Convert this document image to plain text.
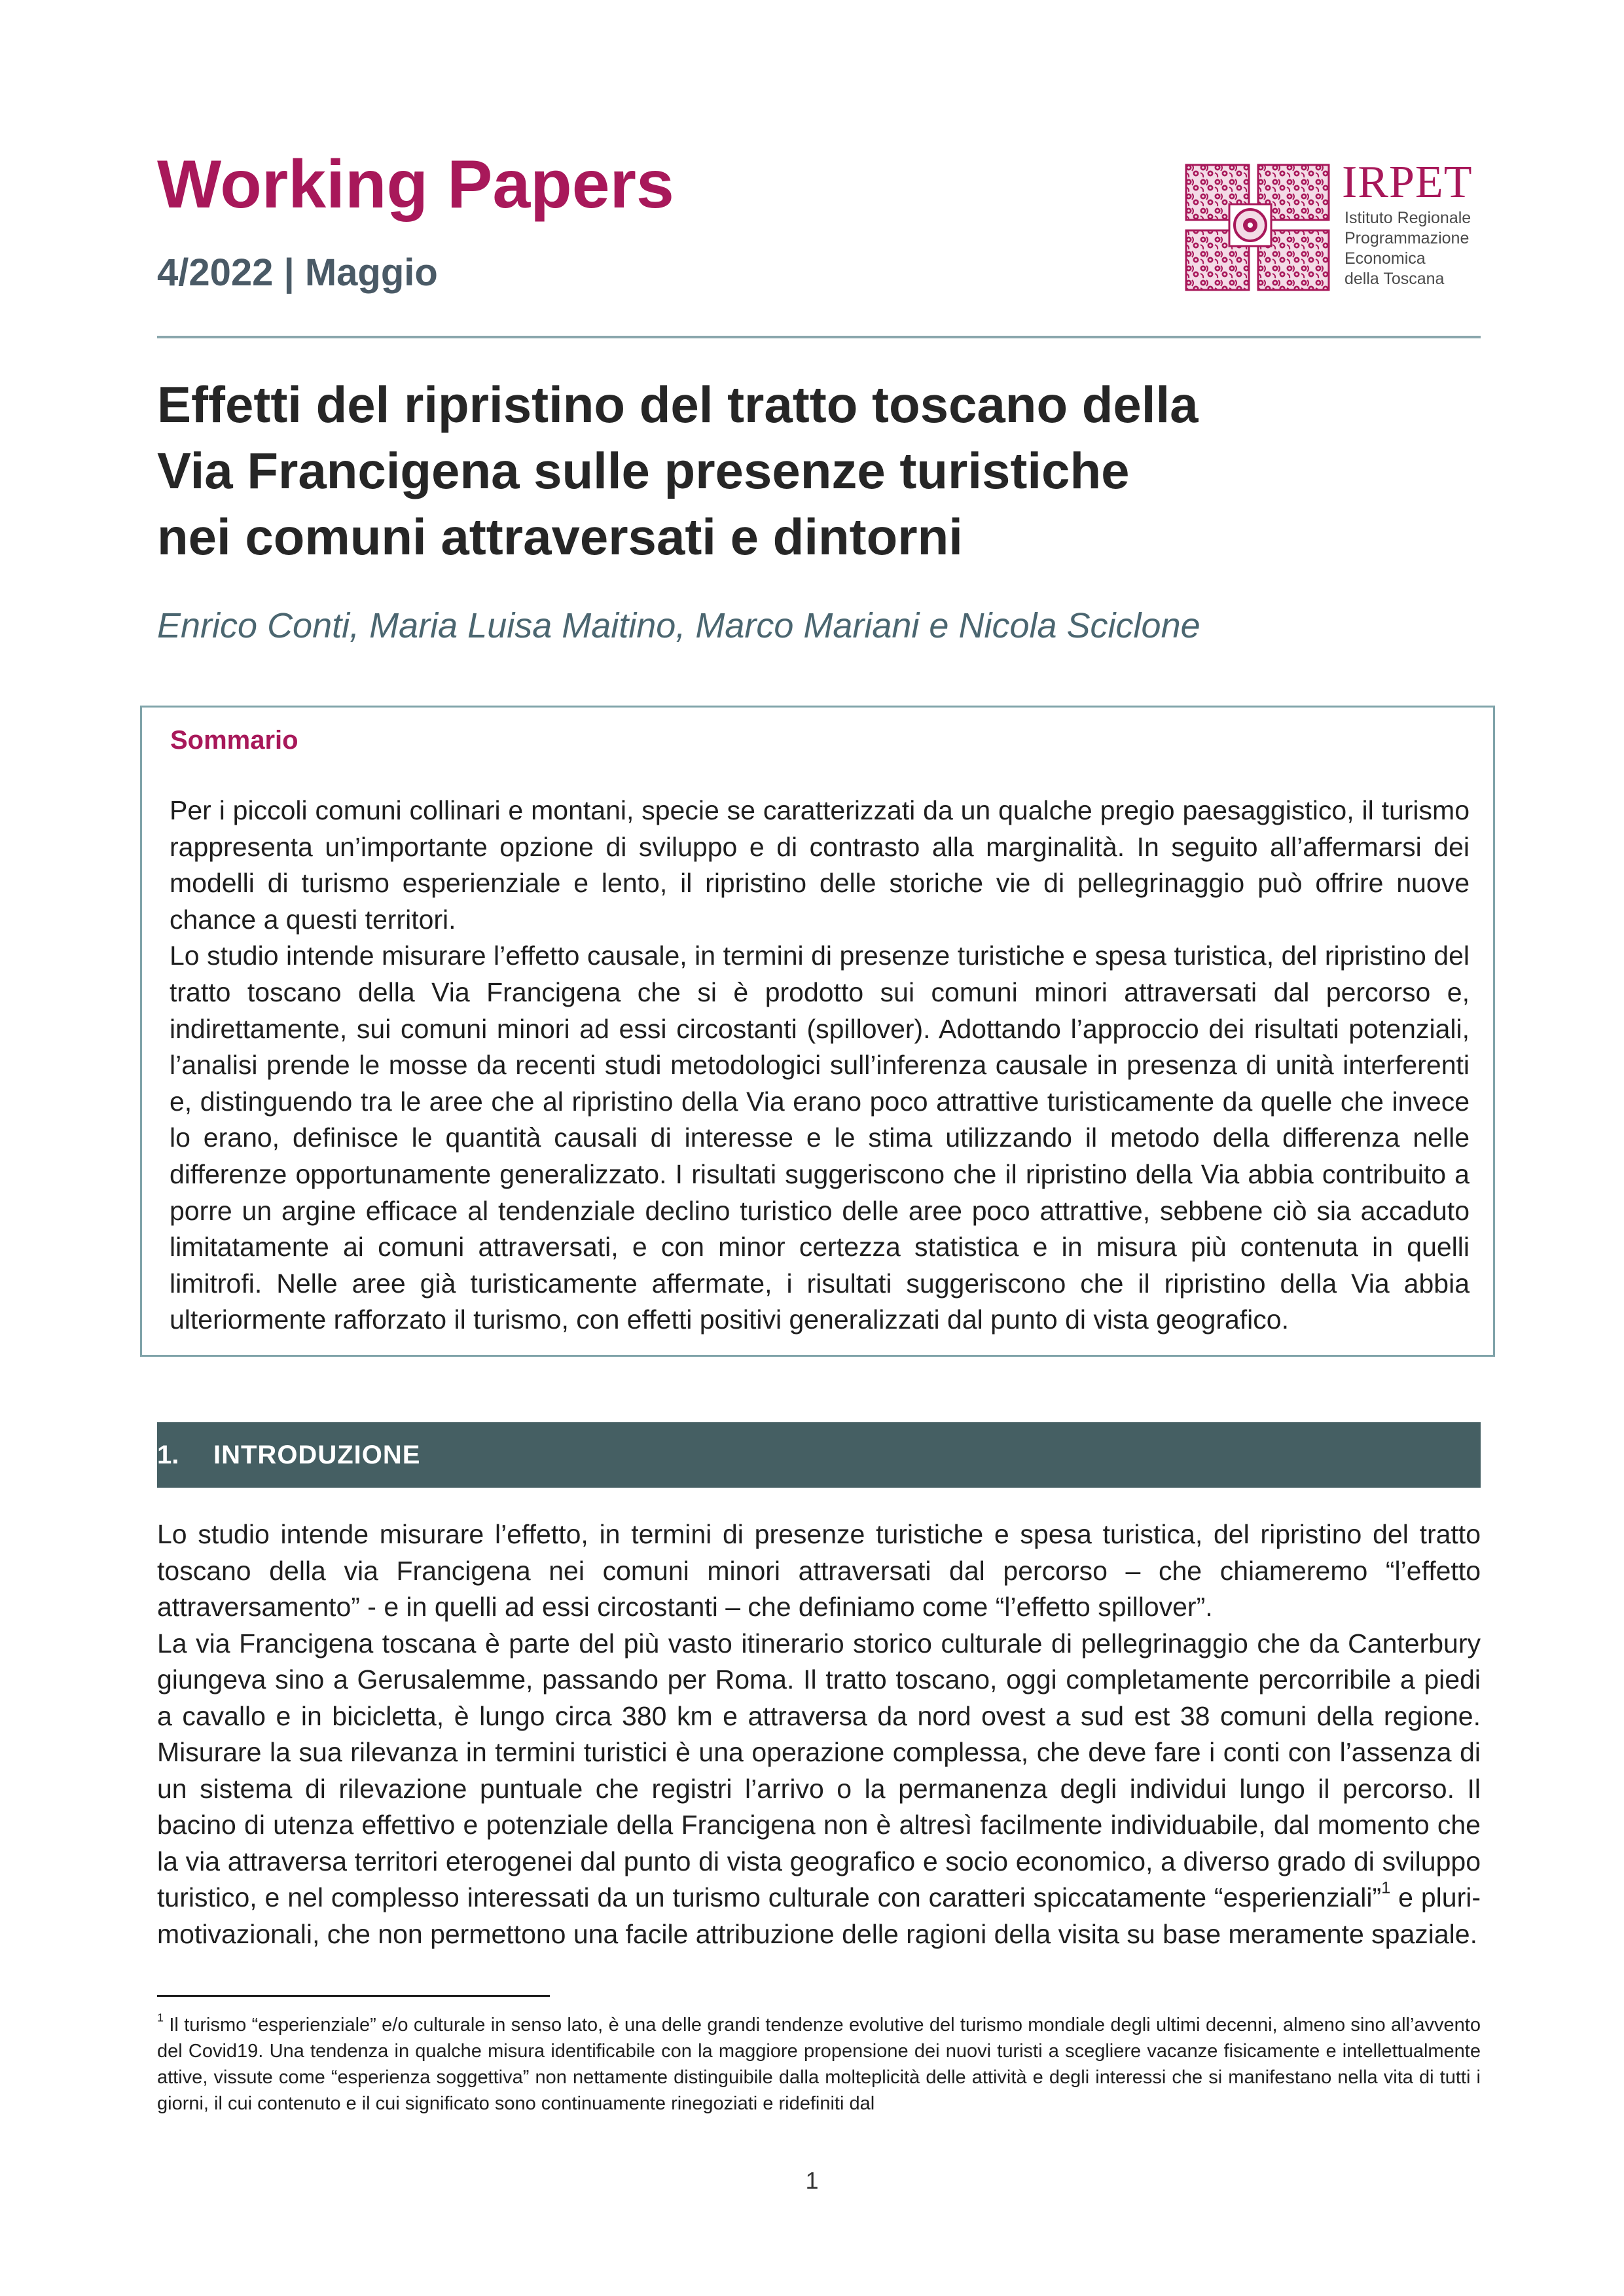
Working Papers
4/2022 | Maggio
IRPET
Istituto Regionale
Programmazione
Economica
della Toscana
Effetti del ripristino del tratto toscano della
Via Francigena sulle presenze turistiche
nei comuni attraversati e dintorni
Enrico Conti, Maria Luisa Maitino, Marco Mariani e Nicola Sciclone
Sommario

Per i piccoli comuni collinari e montani, specie se caratterizzati da un qualche pregio paesaggistico, il turismo rappresenta un’importante opzione di sviluppo e di contrasto alla marginalità. In seguito all’affermarsi dei modelli di turismo esperienziale e lento, il ripristino delle storiche vie di pellegrinaggio può offrire nuove chance a questi territori.

Lo studio intende misurare l’effetto causale, in termini di presenze turistiche e spesa turistica, del ripristino del tratto toscano della Via Francigena che si è prodotto sui comuni minori attraversati dal percorso e, indirettamente, sui comuni minori ad essi circostanti (spillover). Adottando l’approccio dei risultati potenziali, l’analisi prende le mosse da recenti studi metodologici sull’inferenza causale in presenza di unità interferenti e, distinguendo tra le aree che al ripristino della Via erano poco attrattive turisticamente da quelle che invece lo erano, definisce le quantità causali di interesse e le stima utilizzando il metodo della differenza nelle differenze opportunamente generalizzato. I risultati suggeriscono che il ripristino della Via abbia contribuito a porre un argine efficace al tendenziale declino turistico delle aree poco attrattive, sebbene ciò sia accaduto limitatamente ai comuni attraversati, e con minor certezza statistica e in misura più contenuta in quelli limitrofi. Nelle aree già turisticamente affermate, i risultati suggeriscono che il ripristino della Via abbia ulteriormente rafforzato il turismo, con effetti positivi generalizzati dal punto di vista geografico.

1. INTRODUZIONE

Lo studio intende misurare l’effetto, in termini di presenze turistiche e spesa turistica, del ripristino del tratto toscano della via Francigena nei comuni minori attraversati dal percorso – che chiameremo “l’effetto attraversamento” - e in quelli ad essi circostanti – che definiamo come “l’effetto spillover”.

La via Francigena toscana è parte del più vasto itinerario storico culturale di pellegrinaggio che da Canterbury giungeva sino a Gerusalemme, passando per Roma. Il tratto toscano, oggi completamente percorribile a piedi a cavallo e in bicicletta, è lungo circa 380 km e attraversa da nord ovest a sud est 38 comuni della regione. Misurare la sua rilevanza in termini turistici è una operazione complessa, che deve fare i conti con l’assenza di un sistema di rilevazione puntuale che registri l’arrivo o la permanenza degli individui lungo il percorso. Il bacino di utenza effettivo e potenziale della Francigena non è altresì facilmente individuabile, dal momento che la via attraversa territori eterogenei dal punto di vista geografico e socio economico, a diverso grado di sviluppo turistico, e nel complesso interessati da un turismo culturale con caratteri spiccatamente “esperienziali”$^1$ e pluri-motivazionali, che non permettono una facile attribuzione delle ragioni della visita su base meramente spaziale.

$^1$ Il turismo “esperienziale” e/o culturale in senso lato, è una delle grandi tendenze evolutive del turismo mondiale degli ultimi decenni, almeno sino all’avvento del Covid19. Una tendenza in qualche misura identificabile con la maggiore propensione dei nuovi turisti a scegliere vacanze fisicamente e intellettualmente attive, vissute come “esperienza soggettiva” non nettamente distinguibile dalla molteplicità delle attività e degli interessi che si manifestano nella vita di tutti i giorni, il cui contenuto e il cui significato sono continuamente rinegoziati e ridefiniti dal
1
